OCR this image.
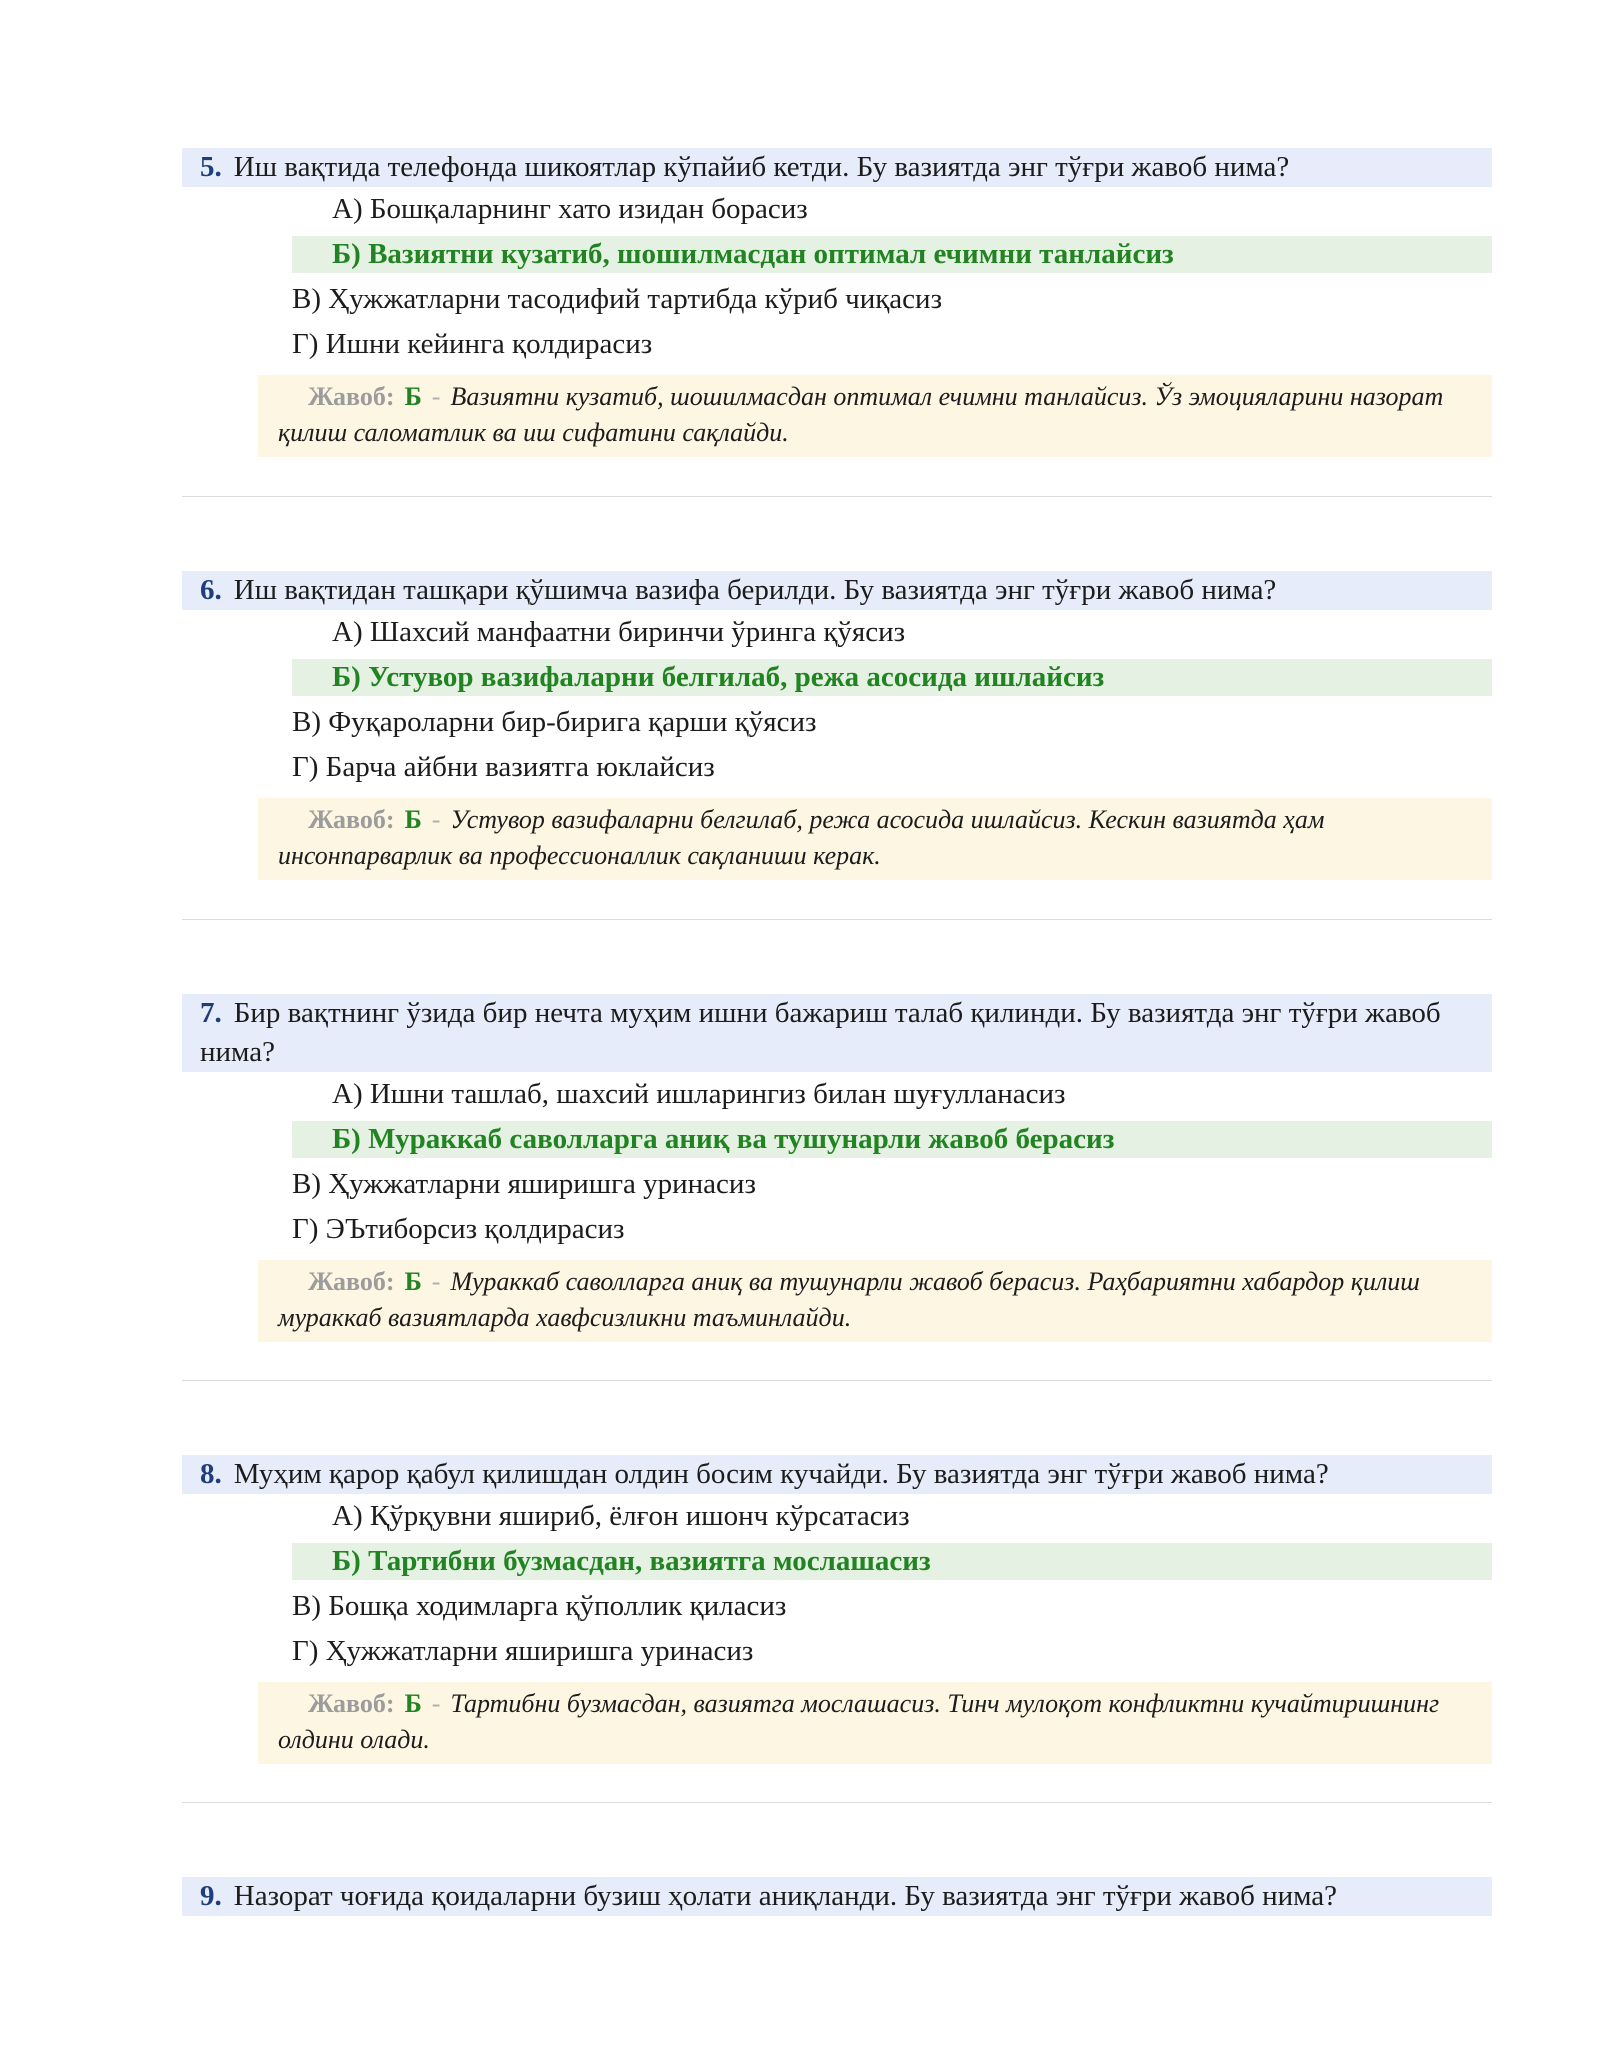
5. Иш вақтида телефонда шикоятлар кўпайиб кетди. Бу вазиятда энг тўғри жавоб нима?
А) Бошқаларнинг хато изидан борасиз
Б) Вазиятни кузатиб, шошилмасдан оптимал ечимни танлайсиз
В) Ҳужжатларни тасодифий тартибда кўриб чиқасиз
Г) Ишни кейинга қолдирасиз
Жавоб: Б - Вазиятни кузатиб, шошилмасдан оптимал ечимни танлайсиз. Ўз эмоцияларини назорат қилиш саломатлик ва иш сифатини сақлайди.
6. Иш вақтидан ташқари қўшимча вазифа берилди. Бу вазиятда энг тўғри жавоб нима?
А) Шахсий манфаатни биринчи ўринга қўясиз
Б) Устувор вазифаларни белгилаб, режа асосида ишлайсиз
В) Фуқароларни бир-бирига қарши қўясиз
Г) Барча айбни вазиятга юклайсиз
Жавоб: Б - Устувор вазифаларни белгилаб, режа асосида ишлайсиз. Кескин вазиятда ҳам инсонпарварлик ва профессионаллик сақланиши керак.
7. Бир вақтнинг ўзида бир нечта муҳим ишни бажариш талаб қилинди. Бу вазиятда энг тўғри жавоб нима?
А) Ишни ташлаб, шахсий ишларингиз билан шуғулланасиз
Б) Мураккаб саволларга аниқ ва тушунарли жавоб берасиз
В) Ҳужжатларни яширишга уринасиз
Г) ЭЪтиборсиз қолдирасиз
Жавоб: Б - Мураккаб саволларга аниқ ва тушунарли жавоб берасиз. Раҳбариятни хабардор қилиш мураккаб вазиятларда хавфсизликни таъминлайди.
8. Муҳим қарор қабул қилишдан олдин босим кучайди. Бу вазиятда энг тўғри жавоб нима?
А) Қўрқувни яшириб, ёлғон ишонч кўрсатасиз
Б) Тартибни бузмасдан, вазиятга мослашасиз
В) Бошқа ходимларга қўполлик қиласиз
Г) Ҳужжатларни яширишга уринасиз
Жавоб: Б - Тартибни бузмасдан, вазиятга мослашасиз. Тинч мулоқот конфликтни кучайтиришнинг олдини олади.
9. Назорат чоғида қоидаларни бузиш ҳолати аниқланди. Бу вазиятда энг тўғри жавоб нима?
